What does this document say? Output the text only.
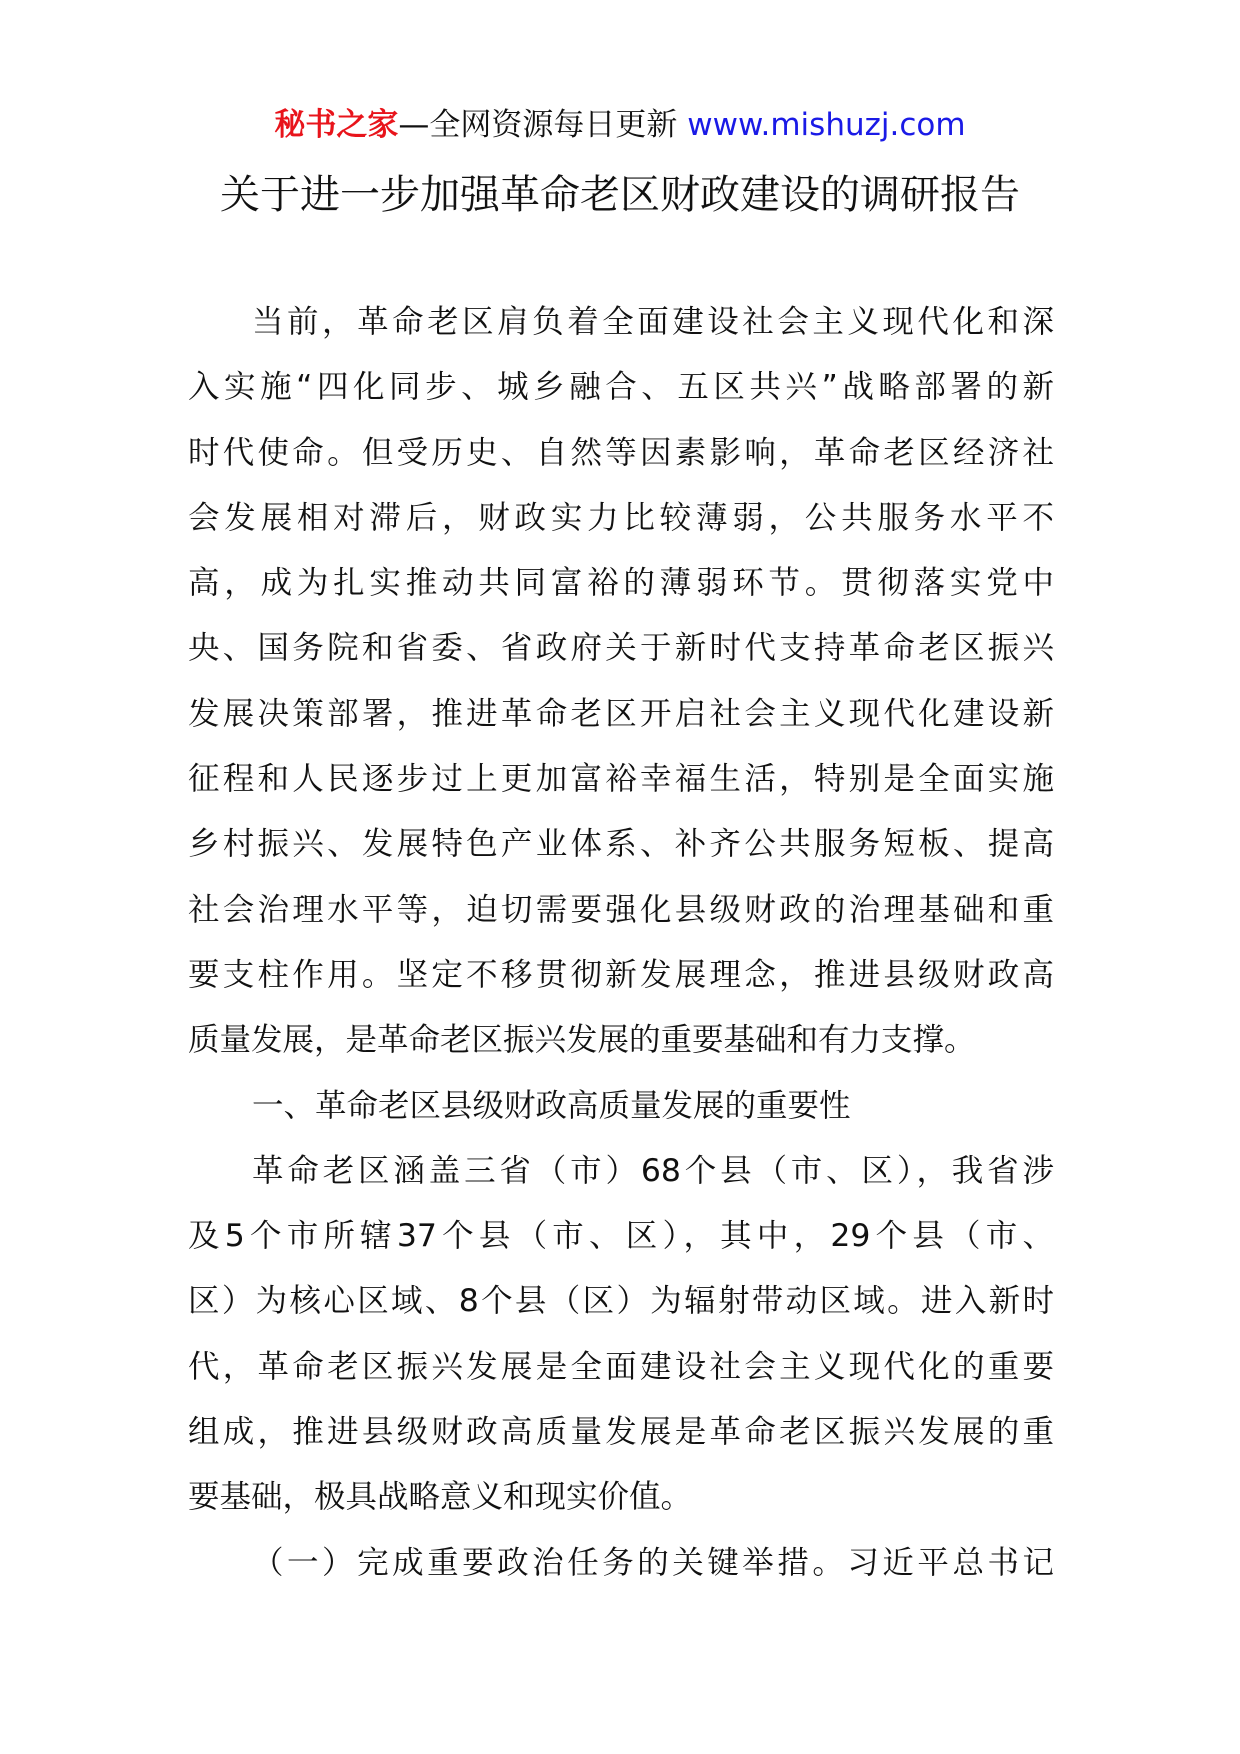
秘书之家—全网资源每日更新 www.mishuzj.com
关于进一步加强革命老区财政建设的调研报告
当前，革命老区肩负着全面建设社会主义现代化和深
入实施“四化同步、城乡融合、五区共兴”战略部署的新
时代使命。但受历史、自然等因素影响，革命老区经济社
会发展相对滞后，财政实力比较薄弱，公共服务水平不
高，成为扎实推动共同富裕的薄弱环节。贯彻落实党中
央、国务院和省委、省政府关于新时代支持革命老区振兴
发展决策部署，推进革命老区开启社会主义现代化建设新
征程和人民逐步过上更加富裕幸福生活，特别是全面实施
乡村振兴、发展特色产业体系、补齐公共服务短板、提高
社会治理水平等，迫切需要强化县级财政的治理基础和重
要支柱作用。坚定不移贯彻新发展理念，推进县级财政高
质量发展，是革命老区振兴发展的重要基础和有力支撑。
一、革命老区县级财政高质量发展的重要性
革命老区涵盖三省（市）68个县（市、区），我省涉
及5个市所辖37个县（市、区），其中，29个县（市、
区）为核心区域、8个县（区）为辐射带动区域。进入新时
代，革命老区振兴发展是全面建设社会主义现代化的重要
组成，推进县级财政高质量发展是革命老区振兴发展的重
要基础，极具战略意义和现实价值。
（一）完成重要政治任务的关键举措。习近平总书记
